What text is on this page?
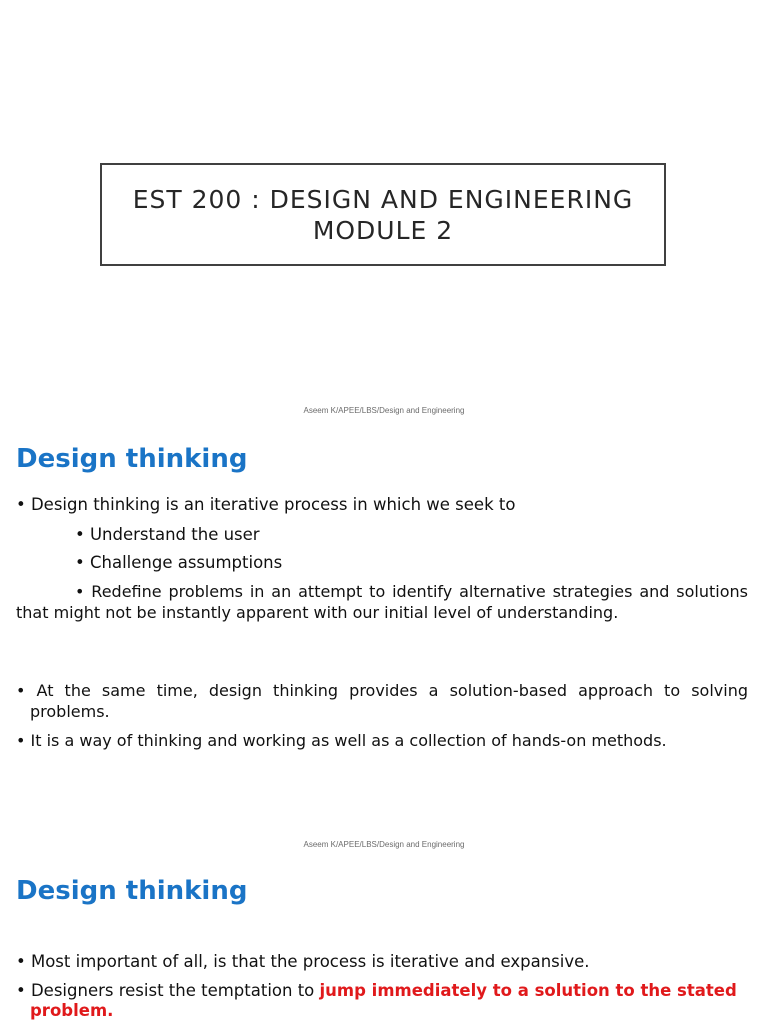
EST 200 : DESIGN AND ENGINEERING
MODULE 2
Aseem K/APEE/LBS/Design and Engineering
Design thinking
• Design thinking is an iterative process in which we seek to
• Understand the user
• Challenge assumptions
• Redefine problems in an attempt to identify alternative strategies and solutions that might not be instantly apparent with our initial level of understanding.
• At the same time, design thinking provides a solution-based approach to solving problems.
• It is a way of thinking and working as well as a collection of hands-on methods.
Aseem K/APEE/LBS/Design and Engineering
Design thinking
• Most important of all, is that the process is iterative and expansive.
• Designers resist the temptation to jump immediately to a solution to the stated problem.
